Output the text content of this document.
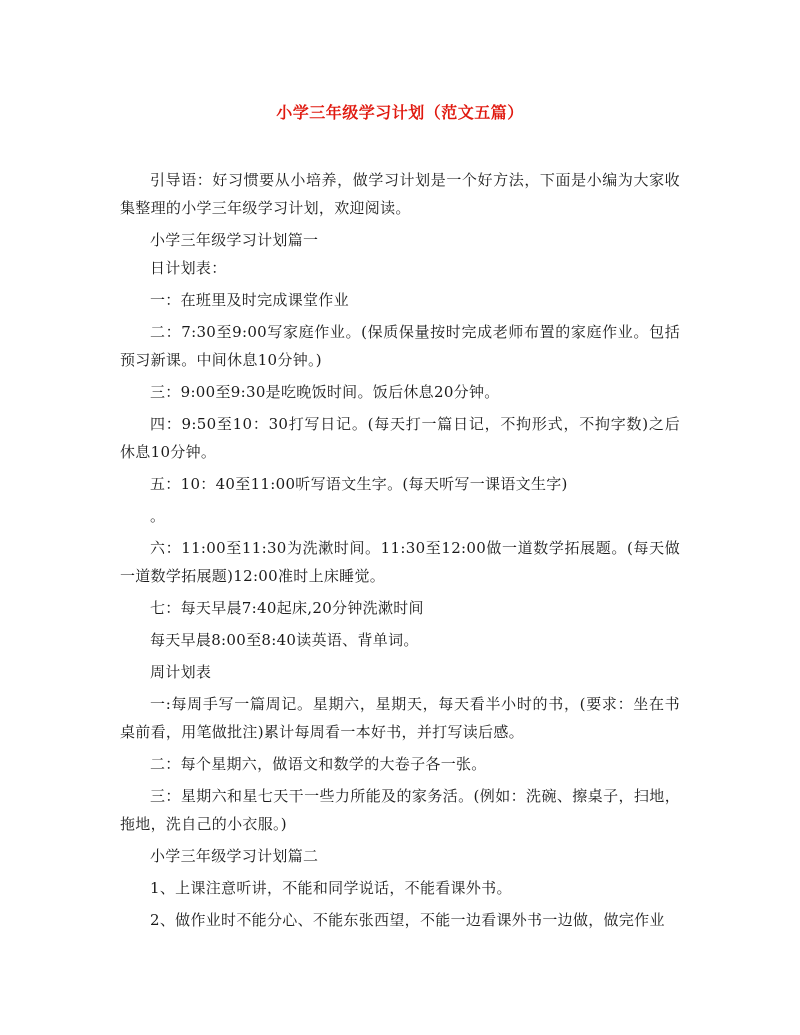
小学三年级学习计划（范文五篇）

引导语：好习惯要从小培养，做学习计划是一个好方法，下面是小编为大家收集整理的小学三年级学习计划，欢迎阅读。

小学三年级学习计划篇一

日计划表：

一：在班里及时完成课堂作业

二：7:30至9:00写家庭作业。(保质保量按时完成老师布置的家庭作业。包括预习新课。中间休息10分钟。)

三：9:00至9:30是吃晚饭时间。饭后休息20分钟。

四：9:50至10：30打写日记。(每天打一篇日记，不拘形式，不拘字数)之后休息10分钟。

五：10：40至11:00听写语文生字。(每天听写一课语文生字)

。

六：11:00至11:30为洗漱时间。11:30至12:00做一道数学拓展题。(每天做一道数学拓展题)12:00准时上床睡觉。

七：每天早晨7:40起床,20分钟洗漱时间

每天早晨8:00至8:40读英语、背单词。

周计划表

一:每周手写一篇周记。星期六，星期天，每天看半小时的书，(要求：坐在书桌前看，用笔做批注)累计每周看一本好书，并打写读后感。

二：每个星期六，做语文和数学的大卷子各一张。

三：星期六和星七天干一些力所能及的家务活。(例如：洗碗、擦桌子，扫地，拖地，洗自己的小衣服。)

小学三年级学习计划篇二

1、上课注意听讲，不能和同学说话，不能看课外书。

2、做作业时不能分心、不能东张西望，不能一边看课外书一边做，做完作业
